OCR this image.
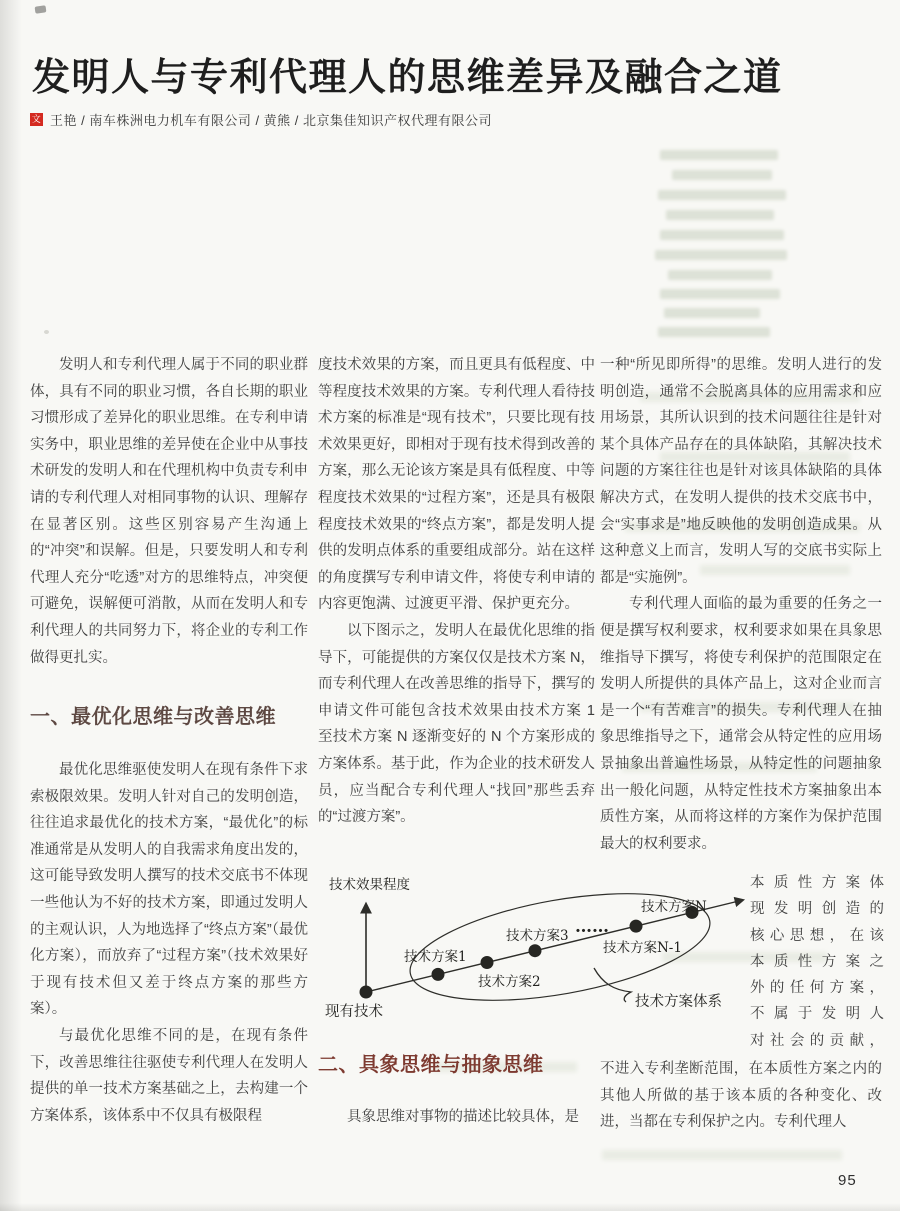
发明人与专利代理人的思维差异及融合之道
文 王艳 / 南车株洲电力机车有限公司 / 黄熊 / 北京集佳知识产权代理有限公司

发明人和专利代理人属于不同的职业群体，具有不同的职业习惯，各自长期的职业习惯形成了差异化的职业思维。在专利申请实务中，职业思维的差异使在企业中从事技术研发的发明人和在代理机构中负责专利申请的专利代理人对相同事物的认识、理解存在显著区别。这些区别容易产生沟通上的“冲突”和误解。但是，只要发明人和专利代理人充分“吃透”对方的思维特点，冲突便可避免，误解便可消散，从而在发明人和专利代理人的共同努力下，将企业的专利工作做得更扎实。

一、最优化思维与改善思维

最优化思维驱使发明人在现有条件下求索极限效果。发明人针对自己的发明创造，往往追求最优化的技术方案，“最优化”的标准通常是从发明人的自我需求角度出发的，这可能导致发明人撰写的技术交底书不体现一些他认为不好的技术方案，即通过发明人的主观认识，人为地选择了“终点方案”（最优化方案），而放弃了“过程方案”（技术效果好于现有技术但又差于终点方案的那些方案）。

与最优化思维不同的是，在现有条件下，改善思维往往驱使专利代理人在发明人提供的单一技术方案基础之上，去构建一个方案体系，该体系中不仅具有极限程

度技术效果的方案，而且更具有低程度、中等程度技术效果的方案。专利代理人看待技术方案的标准是“现有技术”，只要比现有技术效果更好，即相对于现有技术得到改善的方案，那么无论该方案是具有低程度、中等程度技术效果的“过程方案”，还是具有极限程度技术效果的“终点方案”，都是发明人提供的发明点体系的重要组成部分。站在这样的角度撰写专利申请文件，将使专利申请的内容更饱满、过渡更平滑、保护更充分。

以下图示之，发明人在最优化思维的指导下，可能提供的方案仅仅是技术方案 N，而专利代理人在改善思维的指导下，撰写的申请文件可能包含技术效果由技术方案 1 至技术方案 N 逐渐变好的 N 个方案形成的方案体系。基于此，作为企业的技术研发人员，应当配合专利代理人“找回”那些丢弃的“过渡方案”。

二、具象思维与抽象思维

具象思维对事物的描述比较具体，是

一种“所见即所得”的思维。发明人进行的发明创造，通常不会脱离具体的应用需求和应用场景，其所认识到的技术问题往往是针对某个具体产品存在的具体缺陷，其解决技术问题的方案往往也是针对该具体缺陷的具体解决方式，在发明人提供的技术交底书中，会“实事求是”地反映他的发明创造成果。从这种意义上而言，发明人写的交底书实际上都是“实施例”。

专利代理人面临的最为重要的任务之一便是撰写权利要求，权利要求如果在具象思维指导下撰写，将使专利保护的范围限定在发明人所提供的具体产品上，这对企业而言是一个“有苦难言”的损失。专利代理人在抽象思维指导之下，通常会从特定性的应用场景抽象出普遍性场景，从特定性的问题抽象出一般化问题，从特定性技术方案抽象出本质性方案，从而将这样的方案作为保护范围最大的权利要求。

本质性方案体
现发明创造的
核心思想，在该
本质性方案之
外的任何方案，
不属于发明人
对社会的贡献，

不进入专利垄断范围，在本质性方案之内的其他人所做的基于该本质的各种变化、改进，当都在专利保护之内。专利代理人

技术效果程度
技术方案1
技术方案2
技术方案3 ……
技术方案N-1
技术方案N
现有技术
技术方案体系
95
